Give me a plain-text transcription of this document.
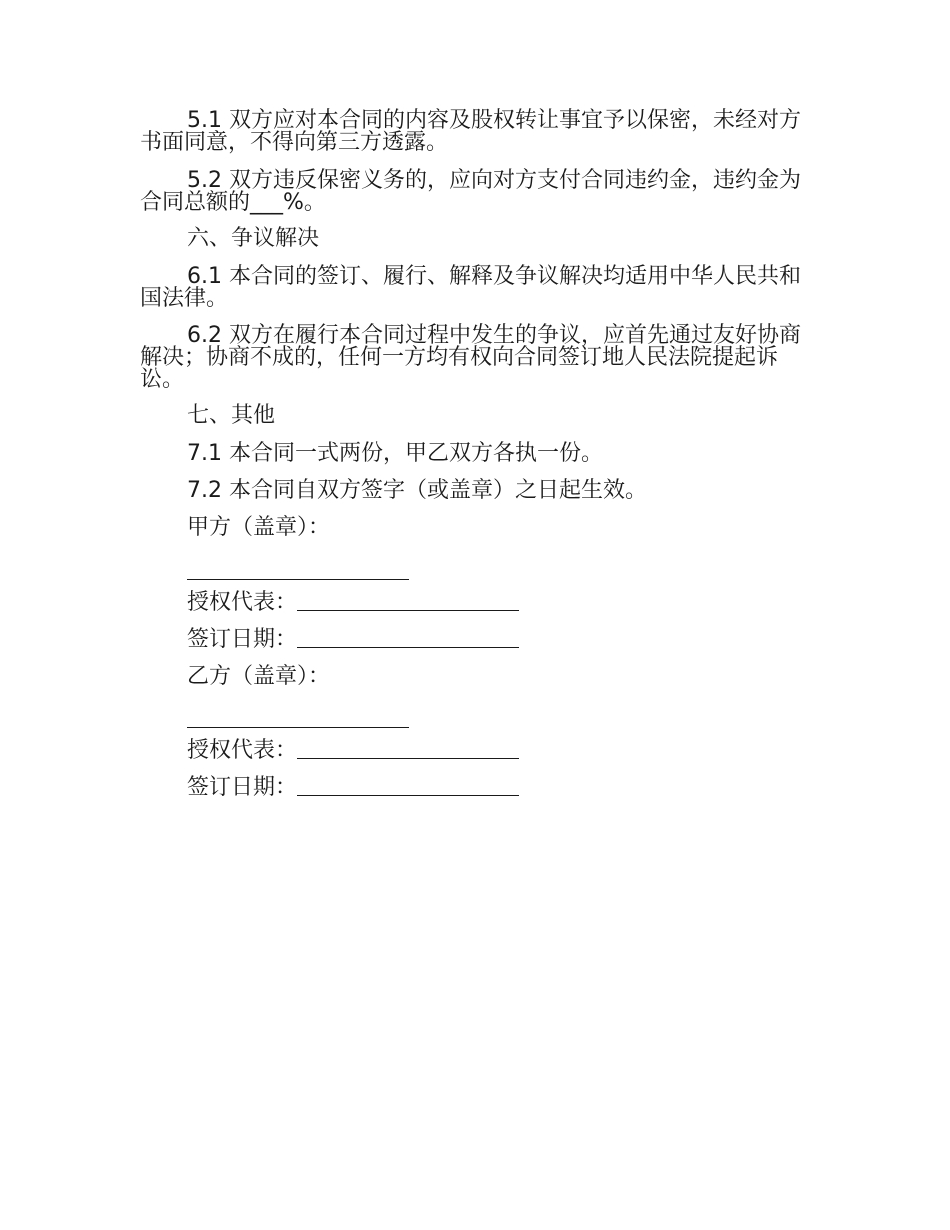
5.1 双方应对本合同的内容及股权转让事宜予以保密，未经对方书面同意，不得向第三方透露。

5.2 双方违反保密义务的，应向对方支付合同违约金，违约金为合同总额的___%。

六、争议解决

6.1 本合同的签订、履行、解释及争议解决均适用中华人民共和国法律。

6.2 双方在履行本合同过程中发生的争议，应首先通过友好协商解决；协商不成的，任何一方均有权向合同签订地人民法院提起诉讼。

七、其他

7.1 本合同一式两份，甲乙双方各执一份。

7.2 本合同自双方签字（或盖章）之日起生效。

甲方（盖章）：

授权代表：

签订日期：

乙方（盖章）：

授权代表：

签订日期：
